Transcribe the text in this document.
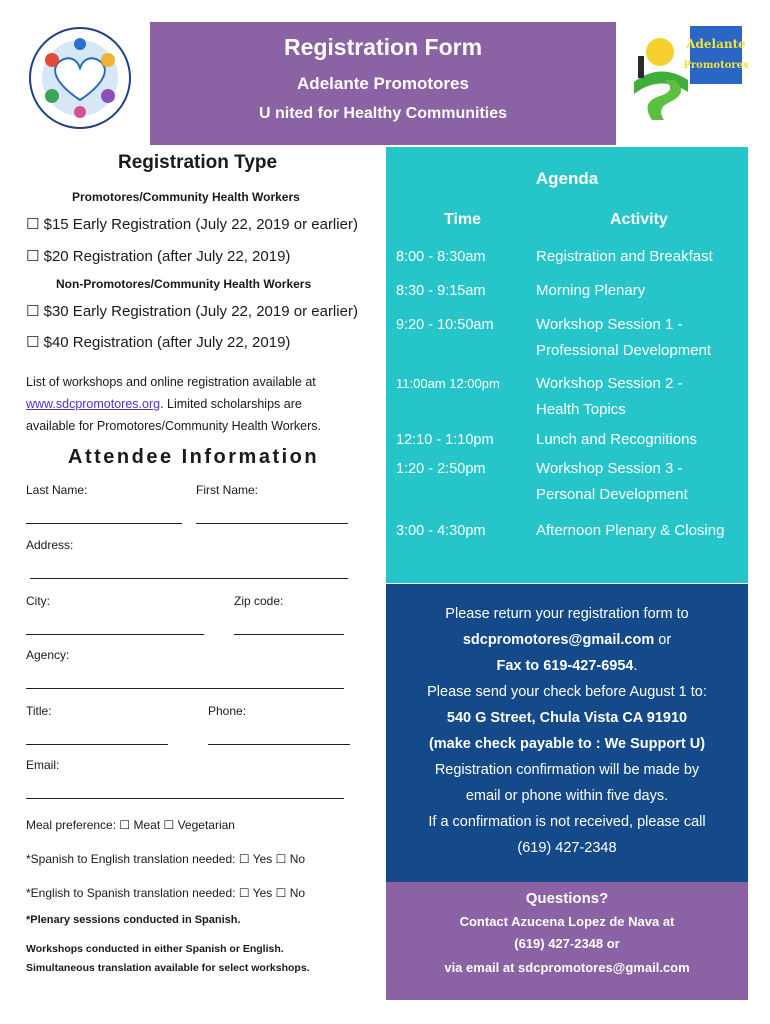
Registration Form
Adelante Promotores
U nited for Healthy Communities
Adelante
Promotores
Registration Type
Promotores/Community Health Workers
☐ $15 Early Registration (July 22, 2019 or earlier)
☐ $20 Registration (after July 22, 2019)
Non-Promotores/Community Health Workers
☐ $30 Early Registration (July 22, 2019 or earlier)
☐ $40 Registration (after July 22, 2019)
List of workshops and online registration available at
www.sdcpromotores.org. Limited scholarships are
available for Promotores/Community Health Workers.
Attendee Information
Last Name:	First Name:
Address:
City:	Zip code:
Agency:
Title:	Phone:
Email:
Meal preference: ☐ Meat ☐ Vegetarian
*Spanish to English translation needed: ☐ Yes ☐ No
*English to Spanish translation needed: ☐ Yes ☐ No
*Plenary sessions conducted in Spanish.
Workshops conducted in either Spanish or English.
Simultaneous translation available for select workshops.
Agenda
Time	Activity
8:00 - 8:30am	Registration and Breakfast
8:30 - 9:15am	Morning Plenary
9:20 - 10:50am	Workshop Session 1 -
Professional Development
11:00am 12:00pm Workshop Session 2 -
Health Topics
12:10 - 1:10pm	Lunch and Recognitions
1:20 - 2:50pm	Workshop Session 3 -
Personal Development
3:00 - 4:30pm	Afternoon Plenary & Closing
Please return your registration form to
sdcpromotores@gmail.com or
Fax to 619-427-6954.
Please send your check before August 1 to:
540 G Street, Chula Vista CA 91910
(make check payable to : We Support U)
Registration confirmation will be made by
email or phone within five days.
If a confirmation is not received, please call
(619) 427-2348
Questions?
Contact Azucena Lopez de Nava at
(619) 427-2348 or
via email at sdcpromotores@gmail.com
